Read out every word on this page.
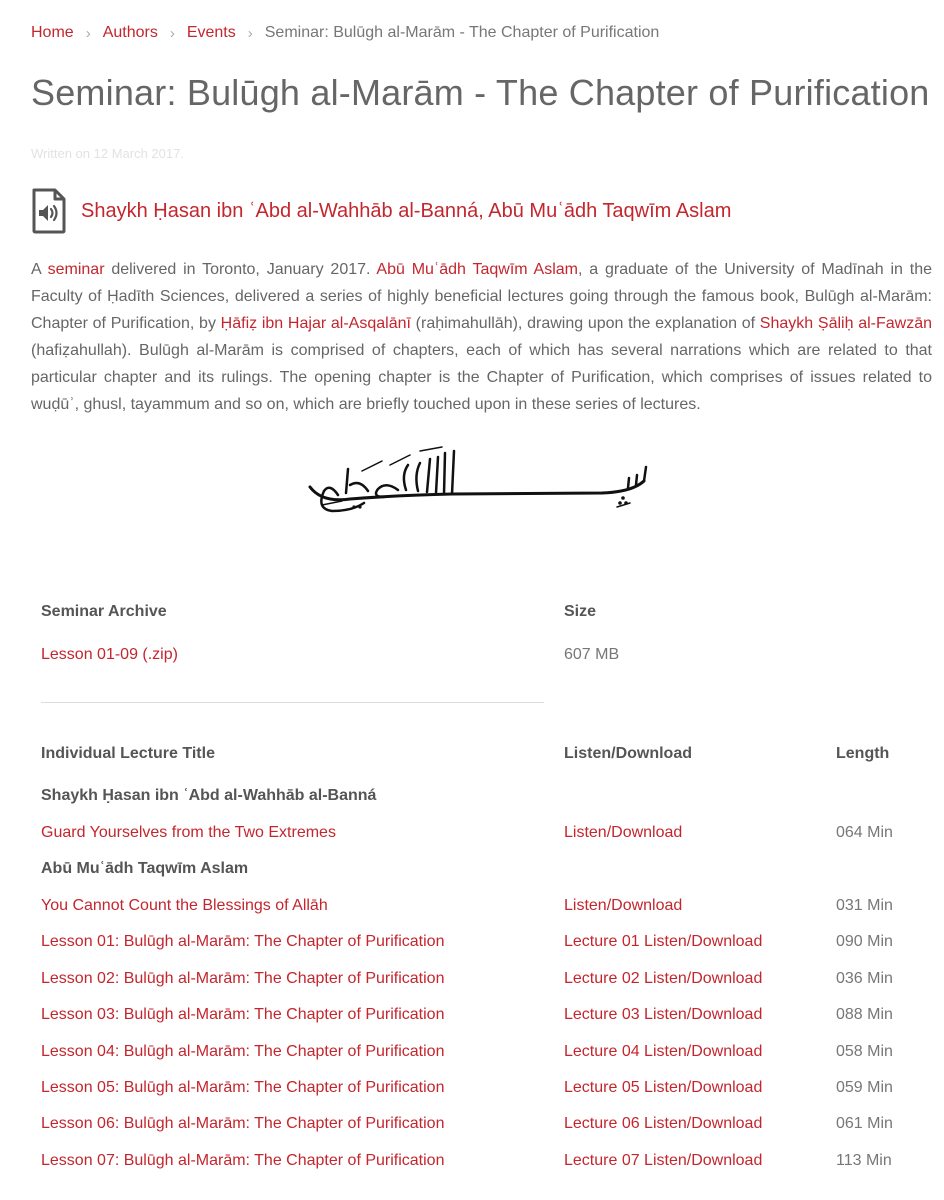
Home › Authors › Events › Seminar: Bulūgh al-Marām - The Chapter of Purification
Seminar: Bulūgh al-Marām - The Chapter of Purification
Written on 12 March 2017.
Shaykh Ḥasan ibn ʿAbd al-Wahhāb al-Banná, Abū Muʿādh Taqwīm Aslam

A seminar delivered in Toronto, January 2017. Abū Muʿādh Taqwīm Aslam, a graduate of the University of Madīnah in the Faculty of Ḥadīth Sciences, delivered a series of highly beneficial lectures going through the famous book, Bulūgh al-Marām: Chapter of Purification, by Ḥāfiẓ ibn Hajar al-Asqalānī (raḥimahullāh), drawing upon the explanation of Shaykh Ṣāliḥ al-Fawzān (hafiẓahullah). Bulūgh al-Marām is comprised of chapters, each of which has several narrations which are related to that particular chapter and its rulings. The opening chapter is the Chapter of Purification, which comprises of issues related to wuḍūʾ, ghusl, tayammum and so on, which are briefly touched upon in these series of lectures.

Seminar Archive	Size
Lesson 01-09 (.zip)	607 MB
Individual Lecture Title	Listen/Download	Length
Shaykh Ḥasan ibn ʿAbd al-Wahhāb al-Banná
Guard Yourselves from the Two Extremes	Listen/Download	064 Min
Abū Muʿādh Taqwīm Aslam
You Cannot Count the Blessings of Allāh	Listen/Download	031 Min
Lesson 01: Bulūgh al-Marām: The Chapter of Purification	Lecture 01 Listen/Download	090 Min
Lesson 02: Bulūgh al-Marām: The Chapter of Purification	Lecture 02 Listen/Download	036 Min
Lesson 03: Bulūgh al-Marām: The Chapter of Purification	Lecture 03 Listen/Download	088 Min
Lesson 04: Bulūgh al-Marām: The Chapter of Purification	Lecture 04 Listen/Download	058 Min
Lesson 05: Bulūgh al-Marām: The Chapter of Purification	Lecture 05 Listen/Download	059 Min
Lesson 06: Bulūgh al-Marām: The Chapter of Purification	Lecture 06 Listen/Download	061 Min
Lesson 07: Bulūgh al-Marām: The Chapter of Purification	Lecture 07 Listen/Download	113 Min
